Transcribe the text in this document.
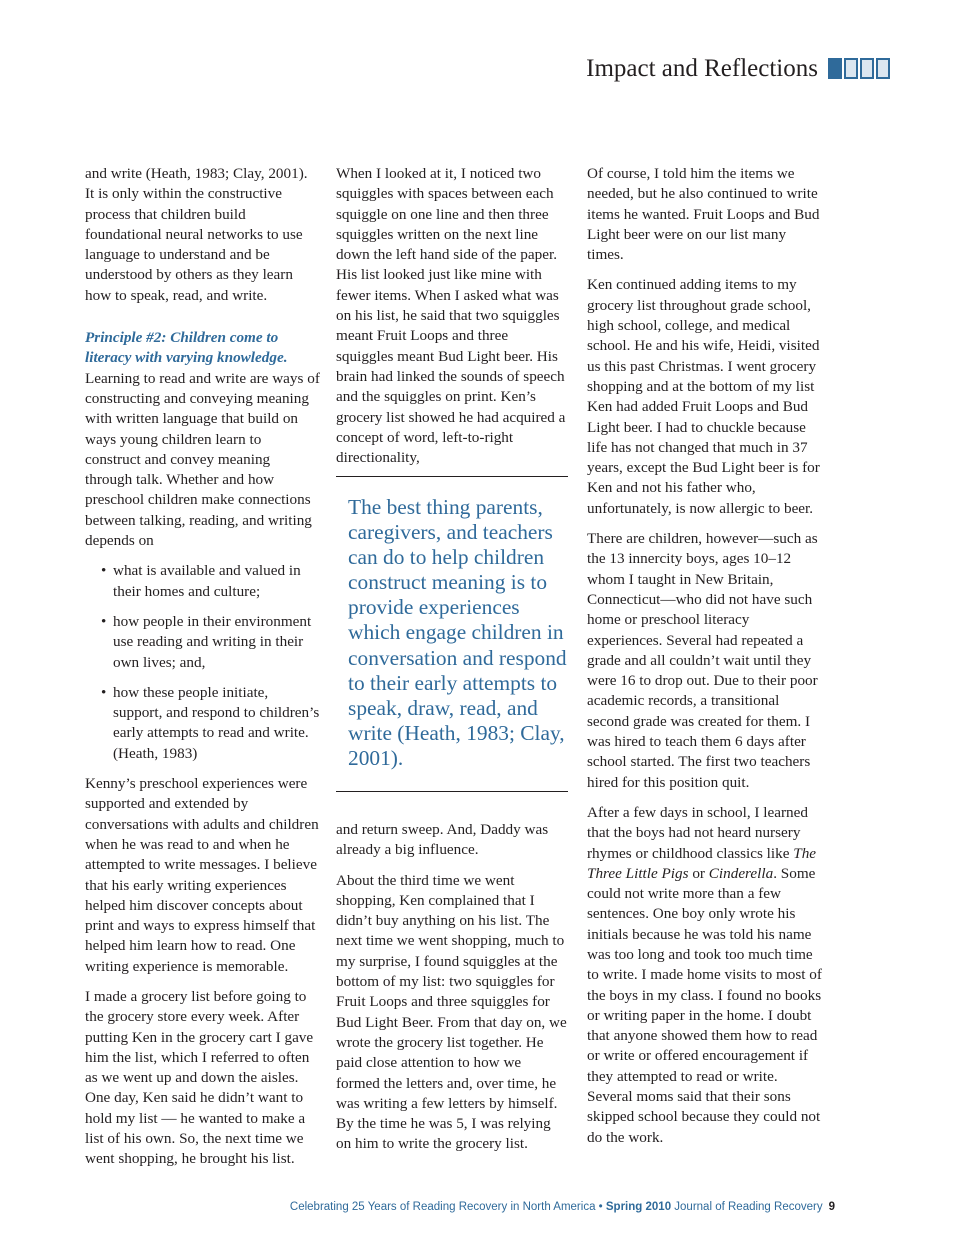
Impact and Reflections

and write (Heath, 1983; Clay, 2001). It is only within the constructive process that children build foundational neural networks to use language to understand and be understood by others as they learn how to speak, read, and write.

Principle #2: Children come to literacy with varying knowledge.

Learning to read and write are ways of constructing and conveying meaning with written language that build on ways young children learn to construct and convey meaning through talk. Whether and how preschool children make connections between talking, reading, and writing depends on

• what is available and valued in their homes and culture;
• how people in their environment use reading and writing in their own lives; and,
• how these people initiate, support, and respond to children’s early attempts to read and write. (Heath, 1983)

Kenny’s preschool experiences were supported and extended by conversations with adults and children when he was read to and when he attempted to write messages. I believe that his early writing experiences helped him discover concepts about print and ways to express himself that helped him learn how to read. One writing experience is memorable.

I made a grocery list before going to the grocery store every week. After putting Ken in the grocery cart I gave him the list, which I referred to often as we went up and down the aisles. One day, Ken said he didn’t want to hold my list — he wanted to make a list of his own. So, the next time we went shopping, he brought his list.

When I looked at it, I noticed two squiggles with spaces between each squiggle on one line and then three squiggles written on the next line down the left hand side of the paper. His list looked just like mine with fewer items. When I asked what was on his list, he said that two squiggles meant Fruit Loops and three squiggles meant Bud Light beer. His brain had linked the sounds of speech and the squiggles on print. Ken’s grocery list showed he had acquired a concept of word, left-to-right directionality,

The best thing parents, caregivers, and teachers can do to help children construct meaning is to provide experiences which engage children in conversation and respond to their early attempts to speak, draw, read, and write (Heath, 1983; Clay, 2001).

and return sweep. And, Daddy was already a big influence.

About the third time we went shopping, Ken complained that I didn’t buy anything on his list. The next time we went shopping, much to my surprise, I found squiggles at the bottom of my list: two squiggles for Fruit Loops and three squiggles for Bud Light Beer. From that day on, we wrote the grocery list together. He paid close attention to how we formed the letters and, over time, he was writing a few letters by himself. By the time he was 5, I was relying on him to write the grocery list.

Of course, I told him the items we needed, but he also continued to write items he wanted. Fruit Loops and Bud Light beer were on our list many times.

Ken continued adding items to my grocery list throughout grade school, high school, college, and medical school. He and his wife, Heidi, visited us this past Christmas. I went grocery shopping and at the bottom of my list Ken had added Fruit Loops and Bud Light beer. I had to chuckle because life has not changed that much in 37 years, except the Bud Light beer is for Ken and not his father who, unfortunately, is now allergic to beer.

There are children, however—such as the 13 innercity boys, ages 10–12 whom I taught in New Britain, Connecticut—who did not have such home or preschool literacy experiences. Several had repeated a grade and all couldn’t wait until they were 16 to drop out. Due to their poor academic records, a transitional second grade was created for them. I was hired to teach them 6 days after school started. The first two teachers hired for this position quit.

After a few days in school, I learned that the boys had not heard nursery rhymes or childhood classics like The Three Little Pigs or Cinderella. Some could not write more than a few sentences. One boy only wrote his initials because he was told his name was too long and took too much time to write. I made home visits to most of the boys in my class. I found no books or writing paper in the home. I doubt that anyone showed them how to read or write or offered encouragement if they attempted to read or write. Several moms said that their sons skipped school because they could not do the work.

Celebrating 25 Years of Reading Recovery in North America • Spring 2010 Journal of Reading Recovery 9
